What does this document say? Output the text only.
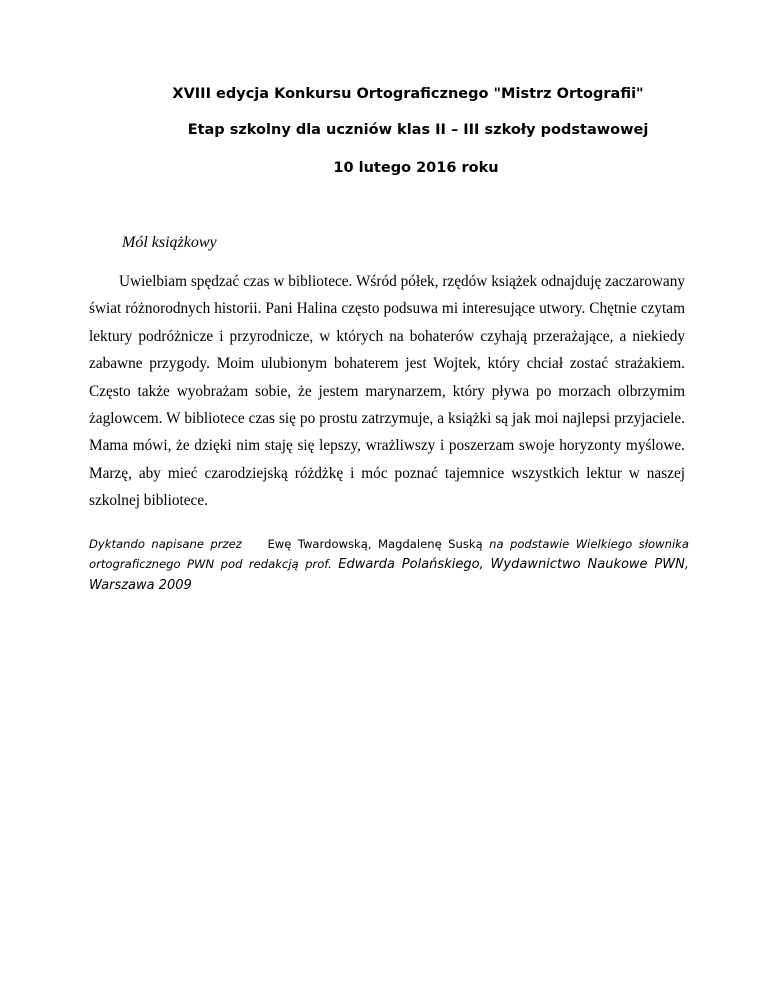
XVIII edycja Konkursu Ortograficznego "Mistrz Ortografii"
Etap szkolny dla uczniów klas II – III szkoły podstawowej
10 lutego 2016 roku
Mól książkowy

Uwielbiam spędzać czas w bibliotece. Wśród półek, rzędów książek odnajduję zaczarowany świat różnorodnych historii. Pani Halina często podsuwa mi interesujące utwory. Chętnie czytam lektury podróżnicze i przyrodnicze, w których na bohaterów czyhają przerażające, a niekiedy zabawne przygody. Moim ulubionym bohaterem jest Wojtek, który chciał zostać strażakiem. Często także wyobrażam sobie, że jestem marynarzem, który pływa po morzach olbrzymim żaglowcem. W bibliotece czas się po prostu zatrzymuje, a książki są jak moi najlepsi przyjaciele. Mama mówi, że dzięki nim staję się lepszy, wrażliwszy i poszerzam swoje horyzonty myślowe. Marzę, aby mieć czarodziejską różdżkę i móc poznać tajemnice wszystkich lektur w naszej szkolnej bibliotece.

Dyktando napisane przez Ewę Twardowską, Magdalenę Suską na podstawie Wielkiego słownika ortograficznego PWN pod redakcją prof. Edwarda Polańskiego, Wydawnictwo Naukowe PWN, Warszawa 2009
